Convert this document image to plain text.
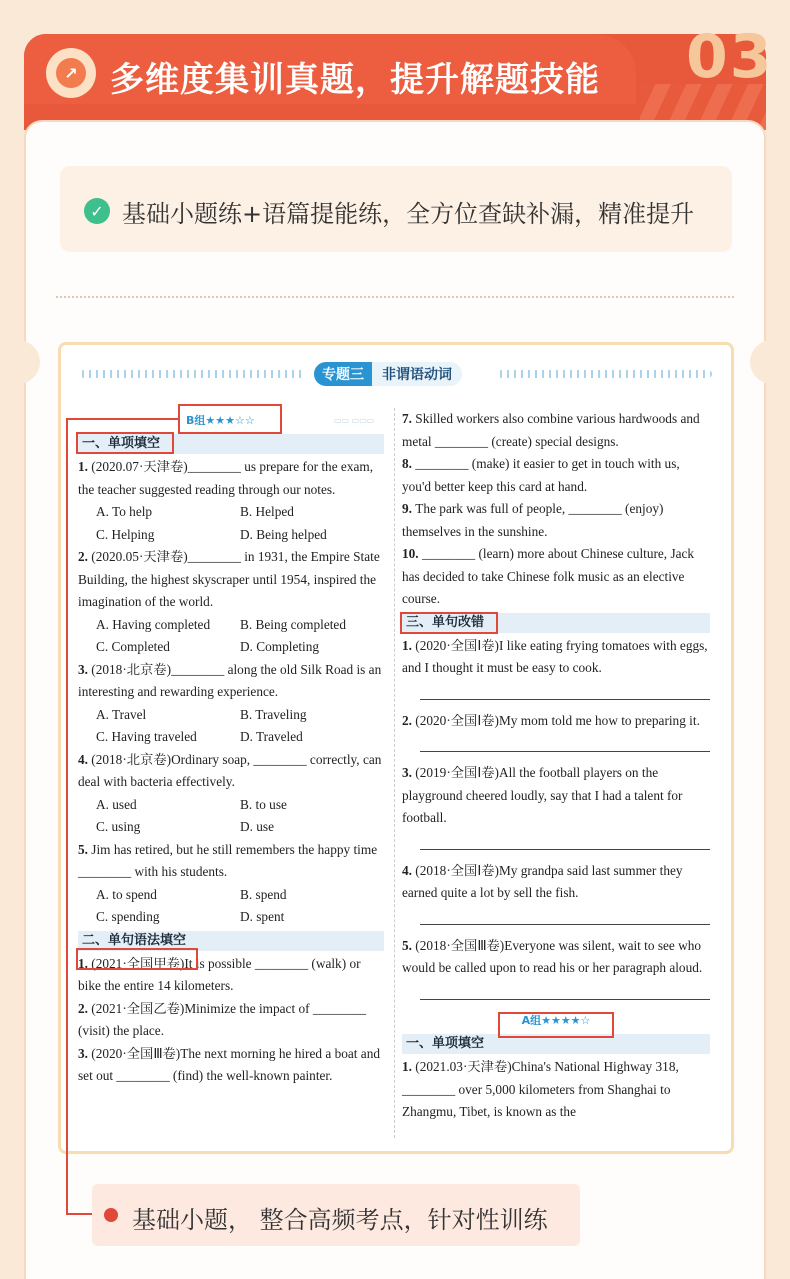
↗ 多维度集训真题，提升解题技能 03
✓ 基础小题练+语篇提能练，全方位查缺补漏，精准提升
专题三	非谓语动词
B组★★★☆☆	▭▭ ▭▭▭
一、单项填空

1. (2020.07·天津卷)________ us prepare for the exam, the teacher suggested reading through our notes.

A. To help	B. Helped
C. Helping	D. Being helped

2. (2020.05·天津卷)________ in 1931, the Empire State Building, the highest skyscraper until 1954, inspired the imagination of the world.

A. Having completed	B. Being completed
C. Completed	D. Completing

3. (2018·北京卷)________ along the old Silk Road is an interesting and rewarding experience.

A. Travel	B. Traveling
C. Having traveled	D. Traveled

4. (2018·北京卷)Ordinary soap, ________ correctly, can deal with bacteria effectively.

A. used	B. to use
C. using	D. use

5. Jim has retired, but he still remembers the happy time ________ with his students.

A. to spend	B. spend
C. spending	D. spent
二、单句语法填空

1. (2021·全国甲卷)It is possible ________ (walk) or bike the entire 14 kilometers.

2. (2021·全国乙卷)Minimize the impact of ________ (visit) the place.

3. (2020·全国Ⅲ卷)The next morning he hired a boat and set out ________ (find) the well-known painter.

7. Skilled workers also combine various hardwoods and metal ________ (create) special designs.

8. ________ (make) it easier to get in touch with us, you'd better keep this card at hand.

9. The park was full of people, ________ (enjoy) themselves in the sunshine.

10. ________ (learn) more about Chinese culture, Jack has decided to take Chinese folk music as an elective course.

三、单句改错

1. (2020·全国Ⅰ卷)I like eating frying tomatoes with eggs, and I thought it must be easy to cook.

2. (2020·全国Ⅰ卷)My mom told me how to preparing it.

3. (2019·全国Ⅰ卷)All the football players on the playground cheered loudly, say that I had a talent for football.

4. (2018·全国Ⅰ卷)My grandpa said last summer they earned quite a lot by sell the fish.

5. (2018·全国Ⅲ卷)Everyone was silent, wait to see who would be called upon to read his or her paragraph aloud.

A组★★★★☆
一、单项填空

1. (2021.03·天津卷)China's National Highway 318, ________ over 5,000 kilometers from Shanghai to Zhangmu, Tibet, is known as the

基础小题， 整合高频考点，针对性训练
